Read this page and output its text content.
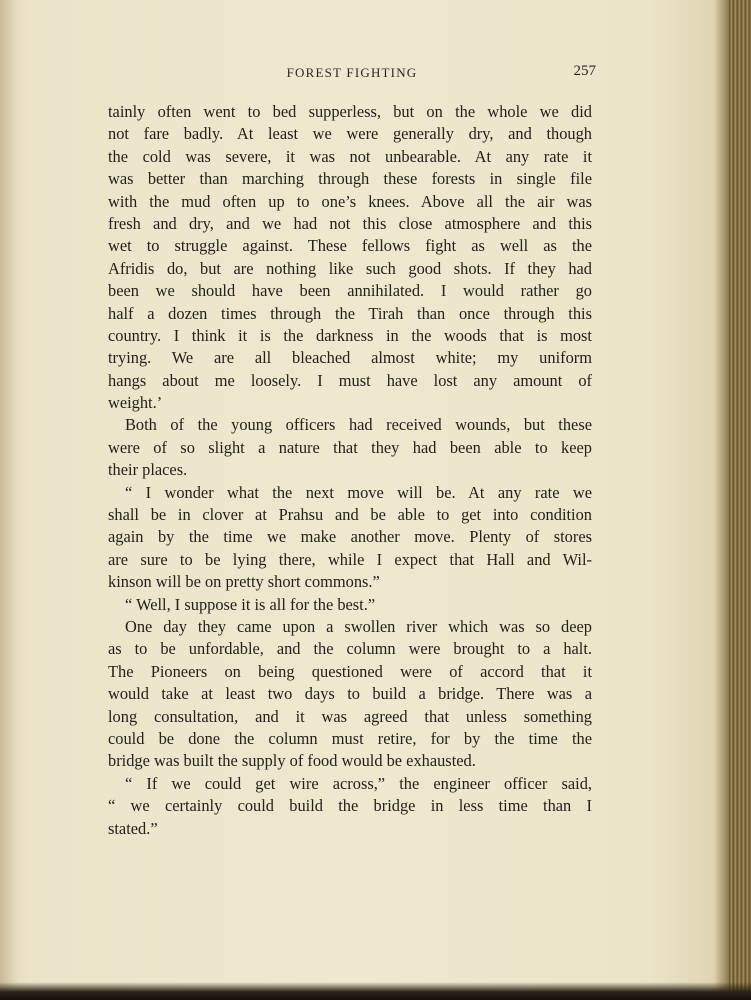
FOREST FIGHTING	257
tainly often went to bed supperless, but on the whole we did
not fare badly. At least we were generally dry, and though
the cold was severe, it was not unbearable. At any rate it
was better than marching through these forests in single file
with the mud often up to one’s knees. Above all the air was
fresh and dry, and we had not this close atmosphere and this
wet to struggle against. These fellows fight as well as the
Afridis do, but are nothing like such good shots. If they had
been we should have been annihilated. I would rather go
half a dozen times through the Tirah than once through this
country. I think it is the darkness in the woods that is most
trying. We are all bleached almost white; my uniform
hangs about me loosely. I must have lost any amount of
weight.’
Both of the young officers had received wounds, but these
were of so slight a nature that they had been able to keep
their places.
“ I wonder what the next move will be. At any rate we
shall be in clover at Prahsu and be able to get into condition
again by the time we make another move. Plenty of stores
are sure to be lying there, while I expect that Hall and Wil-
kinson will be on pretty short commons.”
“ Well, I suppose it is all for the best.”
One day they came upon a swollen river which was so deep
as to be unfordable, and the column were brought to a halt.
The Pioneers on being questioned were of accord that it
would take at least two days to build a bridge. There was a
long consultation, and it was agreed that unless something
could be done the column must retire, for by the time the
bridge was built the supply of food would be exhausted.
“ If we could get wire across,” the engineer officer said,
“ we certainly could build the bridge in less time than I
stated.”
